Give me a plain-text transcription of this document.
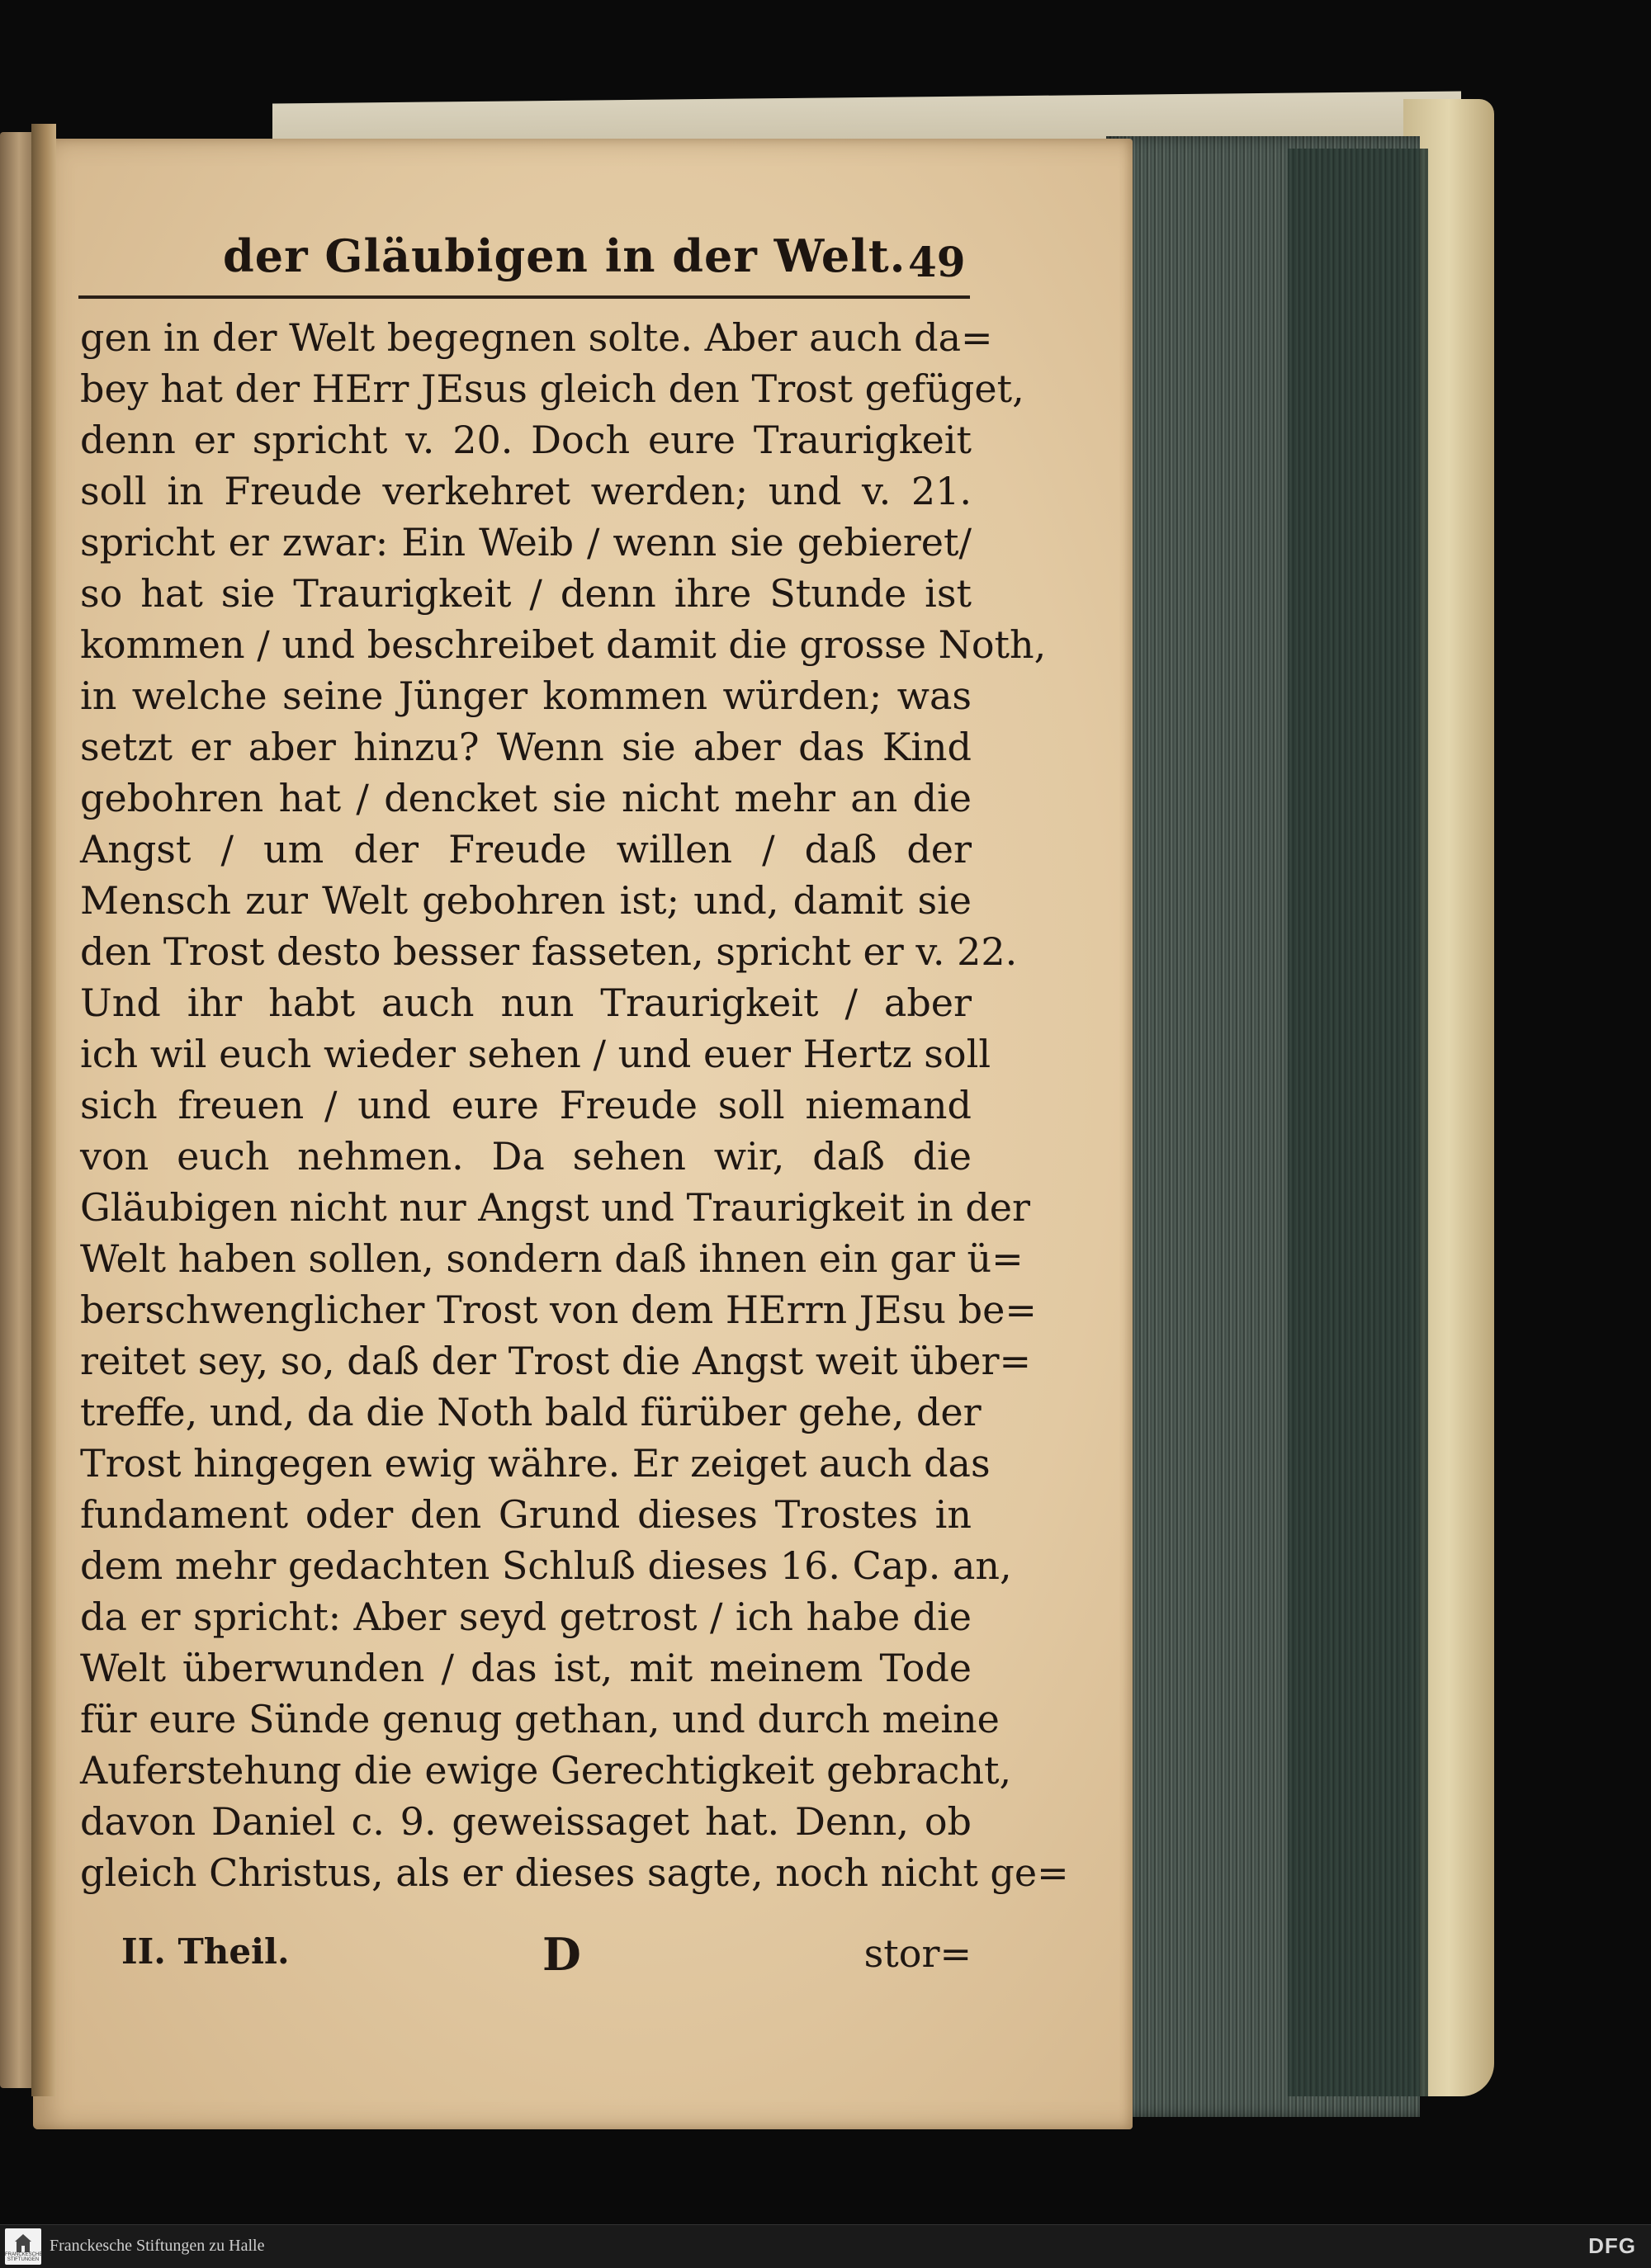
der Gläubigen in der Welt. 49
gen in der Welt begegnen solte. Aber auch da=
bey hat der HErr JEsus gleich den Trost gefüget,
denn er spricht v. 20. Doch eure Traurigkeit
soll in Freude verkehret werden; und v. 21.
spricht er zwar: Ein Weib / wenn sie gebieret/
so hat sie Traurigkeit / denn ihre Stunde ist
kommen / und beschreibet damit die grosse Noth,
in welche seine Jünger kommen würden; was
setzt er aber hinzu? Wenn sie aber das Kind
gebohren hat / dencket sie nicht mehr an die
Angst / um der Freude willen / daß der
Mensch zur Welt gebohren ist; und, damit sie
den Trost desto besser fasseten, spricht er v. 22.
Und ihr habt auch nun Traurigkeit / aber
ich wil euch wieder sehen / und euer Hertz soll
sich freuen / und eure Freude soll niemand
von euch nehmen. Da sehen wir, daß die
Gläubigen nicht nur Angst und Traurigkeit in der
Welt haben sollen, sondern daß ihnen ein gar ü=
berschwenglicher Trost von dem HErrn JEsu be=
reitet sey, so, daß der Trost die Angst weit über=
treffe, und, da die Noth bald fürüber gehe, der
Trost hingegen ewig währe. Er zeiget auch das
fundament oder den Grund dieses Trostes in
dem mehr gedachten Schluß dieses 16. Cap. an,
da er spricht: Aber seyd getrost / ich habe die
Welt überwunden / das ist, mit meinem Tode
für eure Sünde genug gethan, und durch meine
Auferstehung die ewige Gerechtigkeit gebracht,
davon Daniel c. 9. geweissaget hat. Denn, ob
gleich Christus, als er dieses sagte, noch nicht ge=
II. Theil.	D	stor=
FRANCKESCHE STIFTUNGEN
Franckesche Stiftungen zu Halle	DFG
